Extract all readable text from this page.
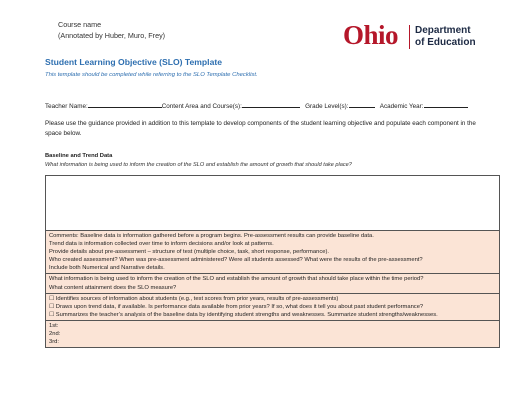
Course name
(Annotated by Huber, Muro, Frey)	Ohio Department
of Education
Student Learning Objective (SLO) Template
This template should be completed while referring to the SLO Template Checklist.
Teacher Name:	Content Area and Course(s):	Grade Level(s):	Academic Year:
Please use the guidance provided in addition to this template to develop components of the student learning objective and populate each component in the space below.
Baseline and Trend Data
What information is being used to inform the creation of the SLO and establish the amount of growth that should take place?
Comments: Baseline data is information gathered before a program begins. Pre-assessment results can provide baseline data.
Trend data is information collected over time to inform decisions and/or look at patterns.
Provide details about pre-assessment – structure of test (multiple choice, task, short response, performance).
Who created assessment? When was pre-assessment administered? Were all students assessed? What were the results of the pre-assessment?
Include both Numerical and Narrative details.
What information is being used to inform the creation of the SLO and establish the amount of growth that should take place within the time period?
What content attainment does the SLO measure?
☐ Identifies sources of information about students (e.g., test scores from prior years, results of pre-assessments)
☐ Draws upon trend data, if available. Is performance data available from prior years? If so, what does it tell you about past student performance?
☐ Summarizes the teacher’s analysis of the baseline data by identifying student strengths and weaknesses. Summarize student strengths/weaknesses.
1st:
2nd:
3rd:
